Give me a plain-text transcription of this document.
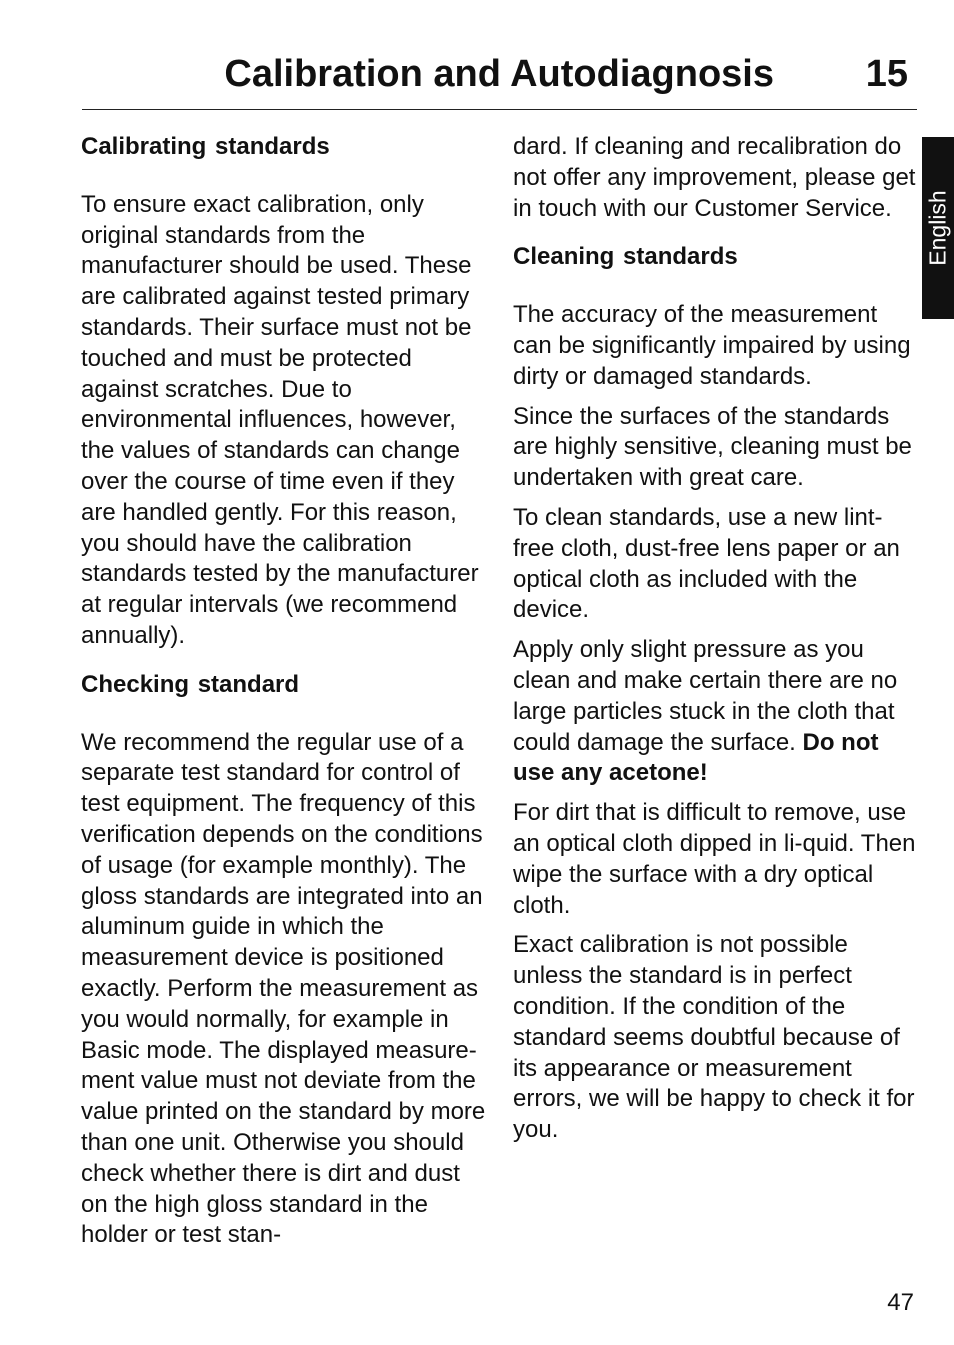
Calibration and Autodiagnosis 15
Calibrating standards

To ensure exact calibration, only original standards from the manufacturer should be used. These are calibrated against tested primary standards. Their surface must not be touched and must be protected against scratches. Due to environmental influences, however, the values of standards can change over the course of time even if they are handled gently. For this reason, you should have the calibration standards tested by the manufacturer at regular intervals (we recommend annually).

Checking standard

We recommend the regular use of a separate test standard for control of test equipment. The frequency of this verification depends on the conditions of usage (for example monthly). The gloss standards are integrated into an aluminum guide in which the measurement device is positioned exactly. Perform the measurement as you would normally, for example in Basic mode. The displayed measure-ment value must not deviate from the value printed on the standard by more than one unit. Otherwise you should check whether there is dirt and dust on the high gloss standard in the holder or test stan-

dard. If cleaning and recalibration do not offer any improvement, please get in touch with our Customer Service.

Cleaning standards

The accuracy of the measurement can be significantly impaired by using dirty or damaged standards.

Since the surfaces of the standards are highly sensitive, cleaning must be undertaken with great care.

To clean standards, use a new lint-free cloth, dust-free lens paper or an optical cloth as included with the device.

Apply only slight pressure as you clean and make certain there are no large particles stuck in the cloth that could damage the surface. Do not use any acetone!

For dirt that is difficult to remove, use an optical cloth dipped in li-quid. Then wipe the surface with a dry optical cloth.

Exact calibration is not possible unless the standard is in perfect condition. If the condition of the standard seems doubtful because of its appearance or measurement errors, we will be happy to check it for you.

English
47
